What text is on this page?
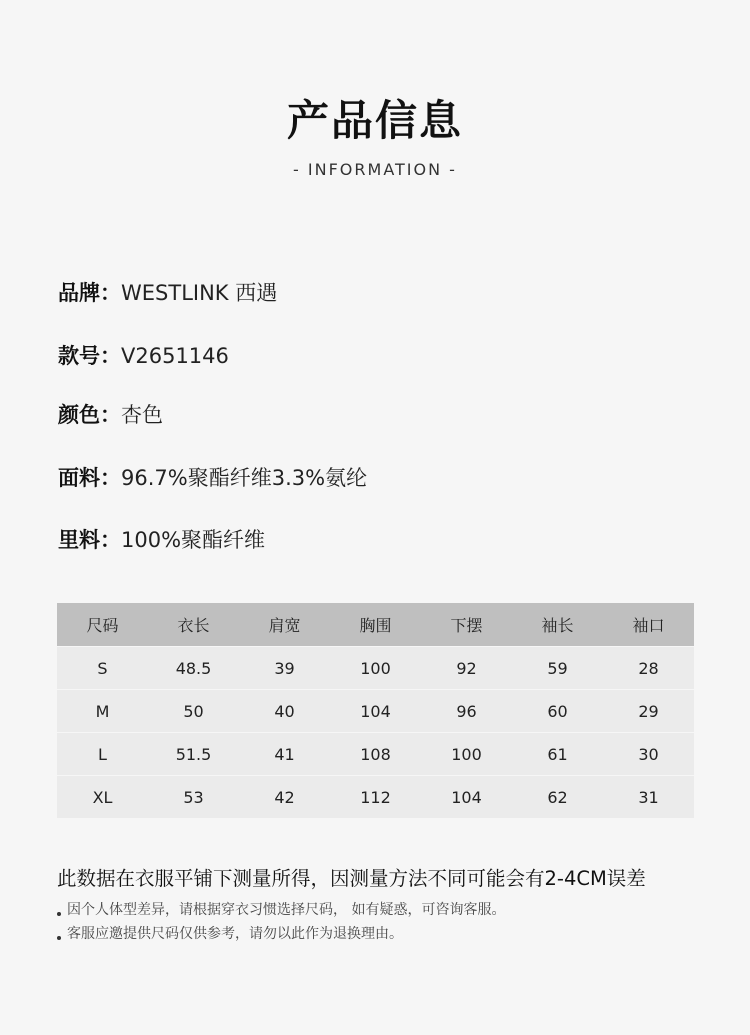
产品信息
- INFORMATION -
品牌：WESTLINK 西遇
款号：V2651146
颜色：杏色
面料：96.7%聚酯纤维3.3%氨纶
里料：100%聚酯纤维
尺码	衣长	肩宽	胸围	下摆	袖长	袖口
S	48.5	39	100	92	59	28
M	50	40	104	96	60	29
L	51.5	41	108	100	61	30
XL	53	42	112	104	62	31
此数据在衣服平铺下测量所得，因测量方法不同可能会有2-4CM误差
因个人体型差异，请根据穿衣习惯选择尺码， 如有疑惑，可咨询客服。
客服应邀提供尺码仅供参考，请勿以此作为退换理由。
